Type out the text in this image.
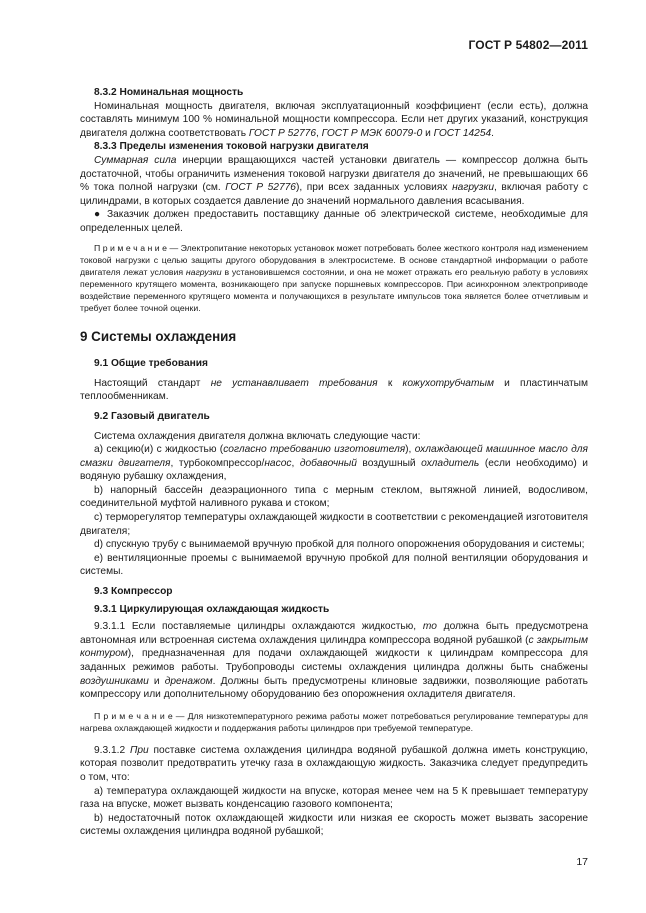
ГОСТ Р 54802—2011

8.3.2 Номинальная мощность

Номинальная мощность двигателя, включая эксплуатационный коэффициент (если есть), должна составлять минимум 100 % номинальной мощности компрессора. Если нет других указаний, конструкция двигателя должна соответствовать ГОСТ Р 52776, ГОСТ Р МЭК 60079-0 и ГОСТ 14254.

8.3.3 Пределы изменения токовой нагрузки двигателя

Суммарная сила инерции вращающихся частей установки двигатель — компрессор должна быть достаточной, чтобы ограничить изменения токовой нагрузки двигателя до значений, не превышающих 66 % тока полной нагрузки (см. ГОСТ Р 52776), при всех заданных условиях нагрузки, включая работу с цилиндрами, в которых создается давление до значений нормального давления всасывания.

● Заказчик должен предоставить поставщику данные об электрической системе, необходимые для определенных целей.

П р и м е ч а н и е — Электропитание некоторых установок может потребовать более жесткого контроля над изменением токовой нагрузки с целью защиты другого оборудования в электросистеме. В основе стандартной информации о работе двигателя лежат условия нагрузки в установившемся состоянии, и она не может отражать его реальную работу в условиях переменного крутящего момента, возникающего при запуске поршневых компрессоров. При асинхронном электроприводе воздействие переменного крутящего момента и получающихся в результате импульсов тока является более отчетливым и требует более точной оценки.

9 Системы охлаждения

9.1 Общие требования

Настоящий стандарт не устанавливает требования к кожухотрубчатым и пластинчатым теплообменникам.

9.2 Газовый двигатель

Система охлаждения двигателя должна включать следующие части:

а) секцию(и) с жидкостью (согласно требованию изготовителя), охлаждающей машинное масло для смазки двигателя, турбокомпрессор/насос, добавочный воздушный охладитель (если необходимо) и водяную рубашку охлаждения,

b) напорный бассейн деаэрационного типа с мерным стеклом, вытяжной линией, водосливом, соединительной муфтой наливного рукава и стоком;

с) терморегулятор температуры охлаждающей жидкости в соответствии с рекомендацией изготовителя двигателя;

d) спускную трубу с вынимаемой вручную пробкой для полного опорожнения оборудования и системы;

е) вентиляционные проемы с вынимаемой вручную пробкой для полной вентиляции оборудования и системы.

9.3 Компрессор

9.3.1 Циркулирующая охлаждающая жидкость

9.3.1.1 Если поставляемые цилиндры охлаждаются жидкостью, то должна быть предусмотрена автономная или встроенная система охлаждения цилиндра компрессора водяной рубашкой (с закрытым контуром), предназначенная для подачи охлаждающей жидкости к цилиндрам компрессора для заданных режимов работы. Трубопроводы системы охлаждения цилиндра должны быть снабжены воздушниками и дренажом. Должны быть предусмотрены клиновые задвижки, позволяющие работать компрессору или дополнительному оборудованию без опорожнения охладителя двигателя.

П р и м е ч а н и е — Для низкотемпературного режима работы может потребоваться регулирование температуры для нагрева охлаждающей жидкости и поддержания работы цилиндров при требуемой температуре.

9.3.1.2 При поставке система охлаждения цилиндра водяной рубашкой должна иметь конструкцию, которая позволит предотвратить утечку газа в охлаждающую жидкость. Заказчика следует предупредить о том, что:

а) температура охлаждающей жидкости на впуске, которая менее чем на 5 К превышает температуру газа на впуске, может вызвать конденсацию газового компонента;

b) недостаточный поток охлаждающей жидкости или низкая ее скорость может вызвать засорение системы охлаждения цилиндра водяной рубашкой;

17
